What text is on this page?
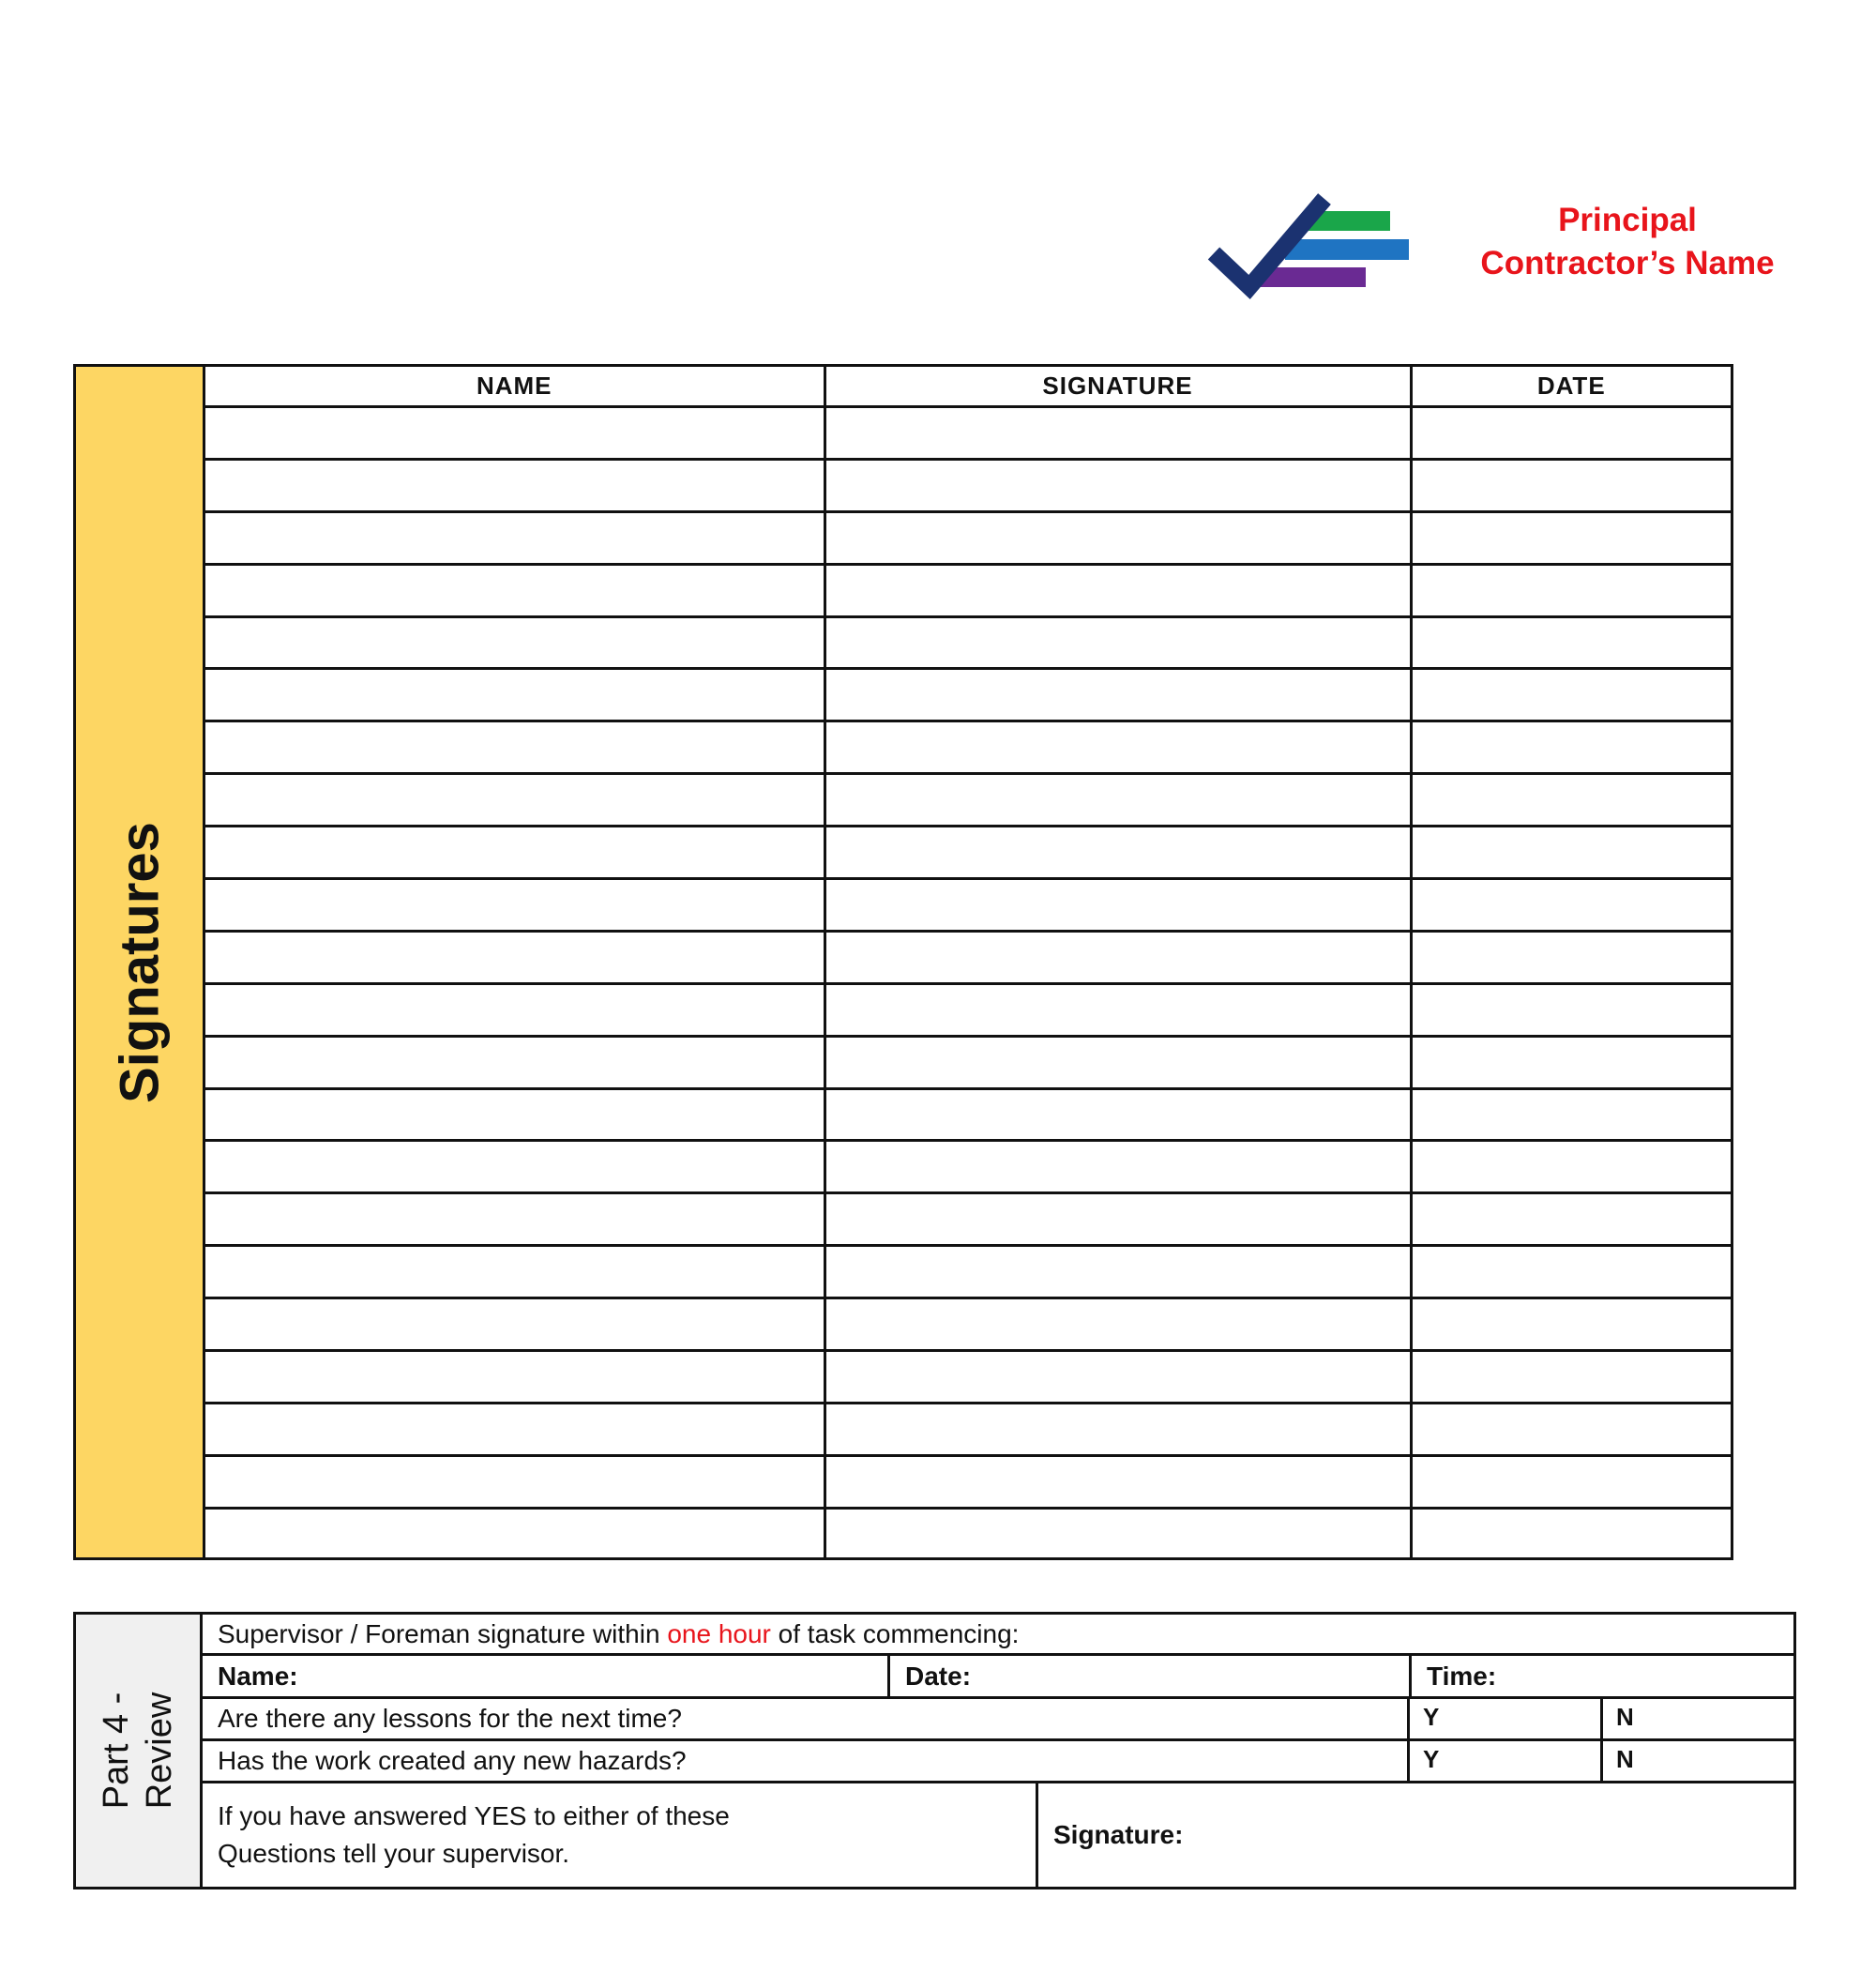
Principal
Contractor’s Name
Signatures
NAME	SIGNATURE	DATE

Part 4 - Review
Supervisor / Foreman signature within one hour of task commencing:
Name:	Date:	Time:
Are there any lessons for the next time?	Y	N
Has the work created any new hazards?	Y	N
If you have answered YES to either of these
Questions tell your supervisor.
Signature:
